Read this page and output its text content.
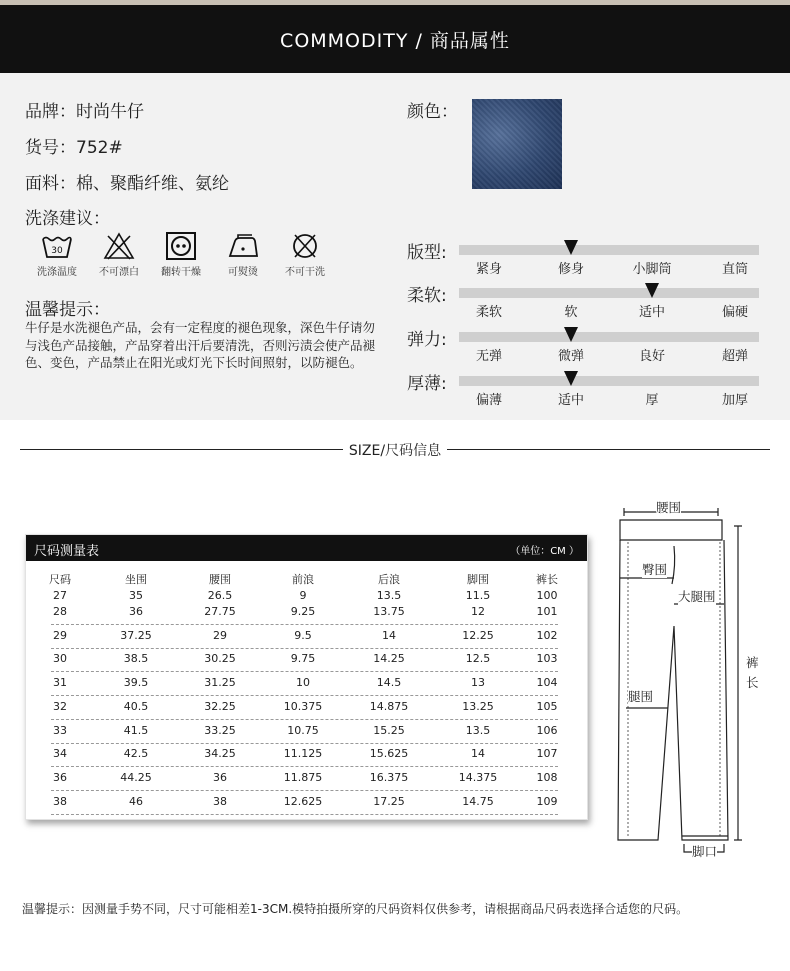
COMMODITY / 商品属性
品牌：时尚牛仔
货号：752#
面料：棉、聚酯纤维、氨纶
洗涤建议：
颜色：
30
洗涤温度	不可漂白	翻转干燥	可熨烫	不可干洗
温馨提示：
牛仔是水洗褪色产品，会有一定程度的褪色现象，深色牛仔请勿与浅色产品接触，产品穿着出汗后要清洗，否则污渍会使产品褪色、变色，产品禁止在阳光或灯光下长时间照射，以防褪色。
版型:
紧身	修身	小脚筒	直筒
柔软:
柔软	软	适中	偏硬
弹力:
无弹	微弹	良好	超弹
厚薄:
偏薄	适中	厚	加厚
SIZE/尺码信息
尺码测量表	（单位：CM ）
尺码	坐围	腰围	前浪	后浪	脚围	裤长
27	35	26.5	9	13.5	11.5	100
28	36	27.75	9.25	13.75	12	101
29	37.25	29	9.5	14	12.25	102
30	38.5	30.25	9.75	14.25	12.5	103
31	39.5	31.25	10	14.5	13	104
32	40.5	32.25	10.375	14.875	13.25	105
33	41.5	33.25	10.75	15.25	13.5	106
34	42.5	34.25	11.125	15.625	14	107
36	44.25	36	11.875	16.375	14.375	108
38	46	38	12.625	17.25	14.75	109
腰围
臀围
大腿围
裤长
腿围
脚口
温馨提示：因测量手势不同，尺寸可能相差1-3CM.模特拍摄所穿的尺码资料仅供参考，请根据商品尺码表选择合适您的尺码。
